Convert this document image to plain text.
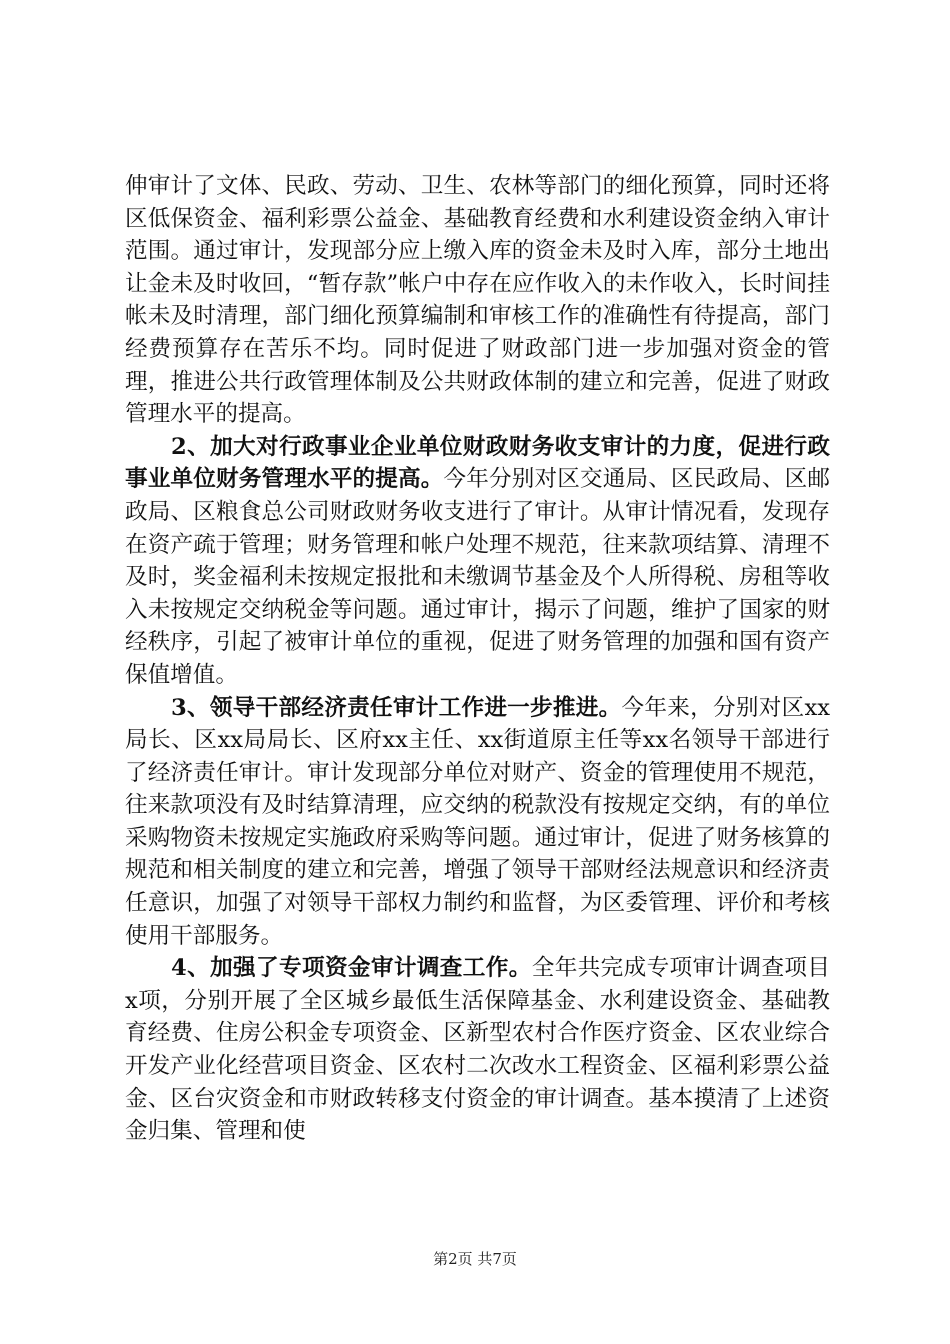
伸审计了文体、民政、劳动、卫生、农林等部门的细化预算，同时还将区低保资金、福利彩票公益金、基础教育经费和水利建设资金纳入审计范围。通过审计，发现部分应上缴入库的资金未及时入库，部分土地出让金未及时收回，“暂存款”帐户中存在应作收入的未作收入，长时间挂帐未及时清理，部门细化预算编制和审核工作的准确性有待提高，部门经费预算存在苦乐不均。同时促进了财政部门进一步加强对资金的管理，推进公共行政管理体制及公共财政体制的建立和完善，促进了财政管理水平的提高。

2、加大对行政事业企业单位财政财务收支审计的力度，促进行政事业单位财务管理水平的提高。今年分别对区交通局、区民政局、区邮政局、区粮食总公司财政财务收支进行了审计。从审计情况看，发现存在资产疏于管理；财务管理和帐户处理不规范，往来款项结算、清理不及时，奖金福利未按规定报批和未缴调节基金及个人所得税、房租等收入未按规定交纳税金等问题。通过审计，揭示了问题，维护了国家的财经秩序，引起了被审计单位的重视，促进了财务管理的加强和国有资产保值增值。

3、领导干部经济责任审计工作进一步推进。今年来，分别对区xx局长、区xx局局长、区府xx主任、xx街道原主任等xx名领导干部进行了经济责任审计。审计发现部分单位对财产、资金的管理使用不规范，往来款项没有及时结算清理，应交纳的税款没有按规定交纳，有的单位采购物资未按规定实施政府采购等问题。通过审计，促进了财务核算的规范和相关制度的建立和完善，增强了领导干部财经法规意识和经济责任意识，加强了对领导干部权力制约和监督，为区委管理、评价和考核使用干部服务。

4、加强了专项资金审计调查工作。全年共完成专项审计调查项目x项，分别开展了全区城乡最低生活保障基金、水利建设资金、基础教育经费、住房公积金专项资金、区新型农村合作医疗资金、区农业综合开发产业化经营项目资金、区农村二次改水工程资金、区福利彩票公益金、区台灾资金和市财政转移支付资金的审计调查。基本摸清了上述资金归集、管理和使

第2页 共7页
